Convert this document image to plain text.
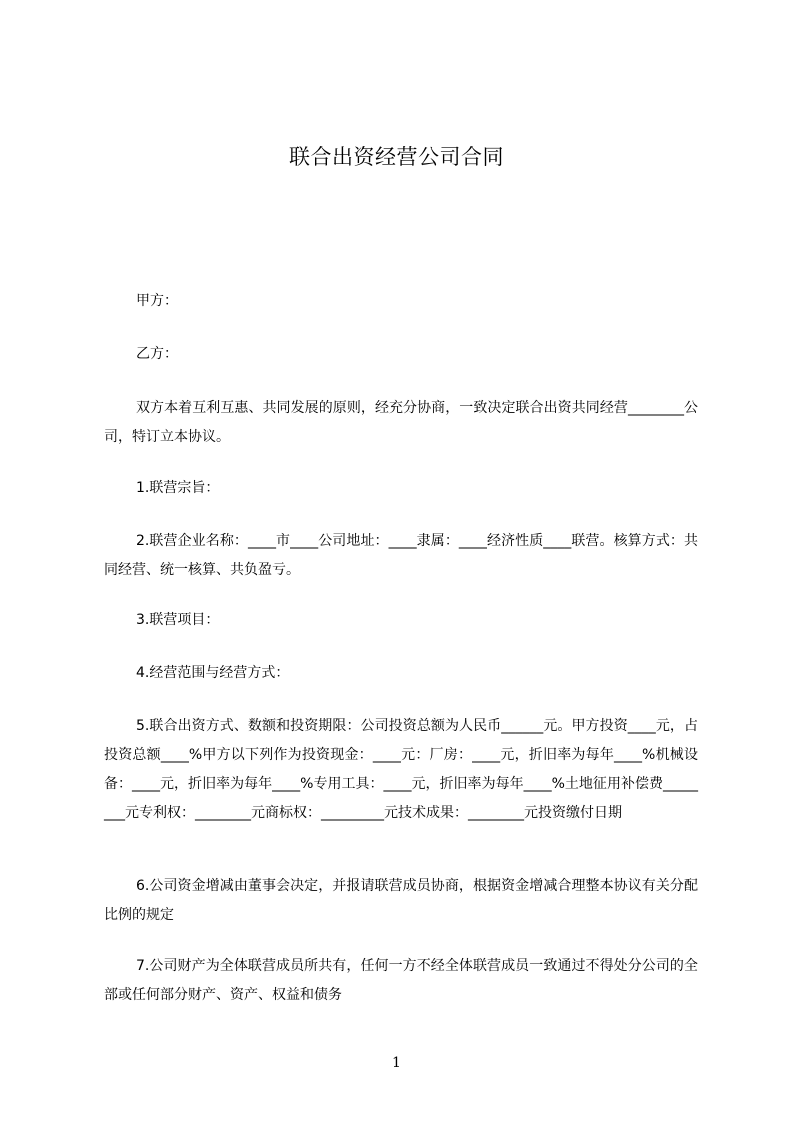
联合出资经营公司合同
甲方：
乙方：
双方本着互利互惠、共同发展的原则，经充分协商，一致决定联合出资共同经营________公司，特订立本协议。
1.联营宗旨：
2.联营企业名称：____市____公司地址：____隶属：____经济性质____联营。核算方式：共同经营、统一核算、共负盈亏。
3.联营项目：
4.经营范围与经营方式：
5.联合出资方式、数额和投资期限：公司投资总额为人民币______元。甲方投资____元，占投资总额____%甲方以下列作为投资现金：____元：厂房：____元，折旧率为每年____%机械设备：____元，折旧率为每年____%专用工具：____元，折旧率为每年____%土地征用补偿费________元专利权：________元商标权：_________元技术成果：________元投资缴付日期
6.公司资金增减由董事会决定，并报请联营成员协商，根据资金增减合理整本协议有关分配比例的规定
7.公司财产为全体联营成员所共有，任何一方不经全体联营成员一致通过不得处分公司的全部或任何部分财产、资产、权益和债务
1
